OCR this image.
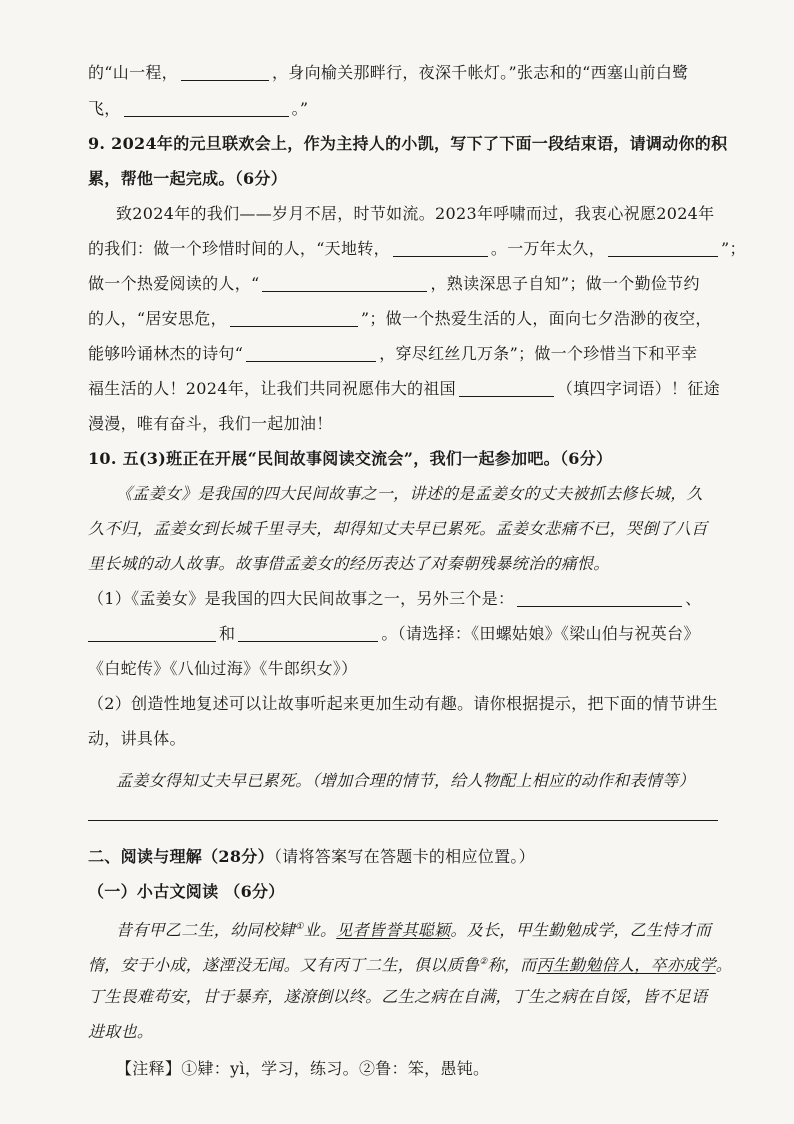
的“山一程，	，身向榆关那畔行，夜深千帐灯。”张志和的“西塞山前白鹭
飞，	。”
9. 2024年的元旦联欢会上，作为主持人的小凯，写下了下面一段结束语，请调动你的积
累，帮他一起完成。（6分）
致2024年的我们——岁月不居，时节如流。2023年呼啸而过，我衷心祝愿2024年
的我们：做一个珍惜时间的人，“天地转，	。一万年太久，	”；
做一个热爱阅读的人，“	，熟读深思子自知”；做一个勤俭节约
的人，“居安思危，	”；做一个热爱生活的人，面向七夕浩渺的夜空，
能够吟诵林杰的诗句“	，穿尽红丝几万条”；做一个珍惜当下和平幸
福生活的人！2024年，让我们共同祝愿伟大的祖国	（填四字词语）！征途
漫漫，唯有奋斗，我们一起加油！
10. 五(3)班正在开展“民间故事阅读交流会”，我们一起参加吧。（6分）
《孟姜女》是我国的四大民间故事之一，讲述的是孟姜女的丈夫被抓去修长城，久
久不归，孟姜女到长城千里寻夫，却得知丈夫早已累死。孟姜女悲痛不已，哭倒了八百
里长城的动人故事。故事借孟姜女的经历表达了对秦朝残暴统治的痛恨。
（1）《孟姜女》是我国的四大民间故事之一，另外三个是：	、
和	。（请选择：《田螺姑娘》《梁山伯与祝英台》
《白蛇传》《八仙过海》《牛郎织女》）
（2）创造性地复述可以让故事听起来更加生动有趣。请你根据提示，把下面的情节讲生
动，讲具体。
孟姜女得知丈夫早已累死。（增加合理的情节，给人物配上相应的动作和表情等）
二、阅读与理解（28分）（请将答案写在答题卡的相应位置。）
（一）小古文阅读 （6分）
昔有甲乙二生，幼同校肄①业。见者皆誉其聪颖。及长，甲生勤勉成学，乙生恃才而
惰，安于小成，遂湮没无闻。又有丙丁二生，俱以质鲁②称，而丙生勤勉倍人，卒亦成学。
丁生畏难苟安，甘于暴弃，遂潦倒以终。乙生之病在自满，丁生之病在自馁，皆不足语
进取也。
【注释】①肄：yì，学习，练习。②鲁：笨，愚钝。
